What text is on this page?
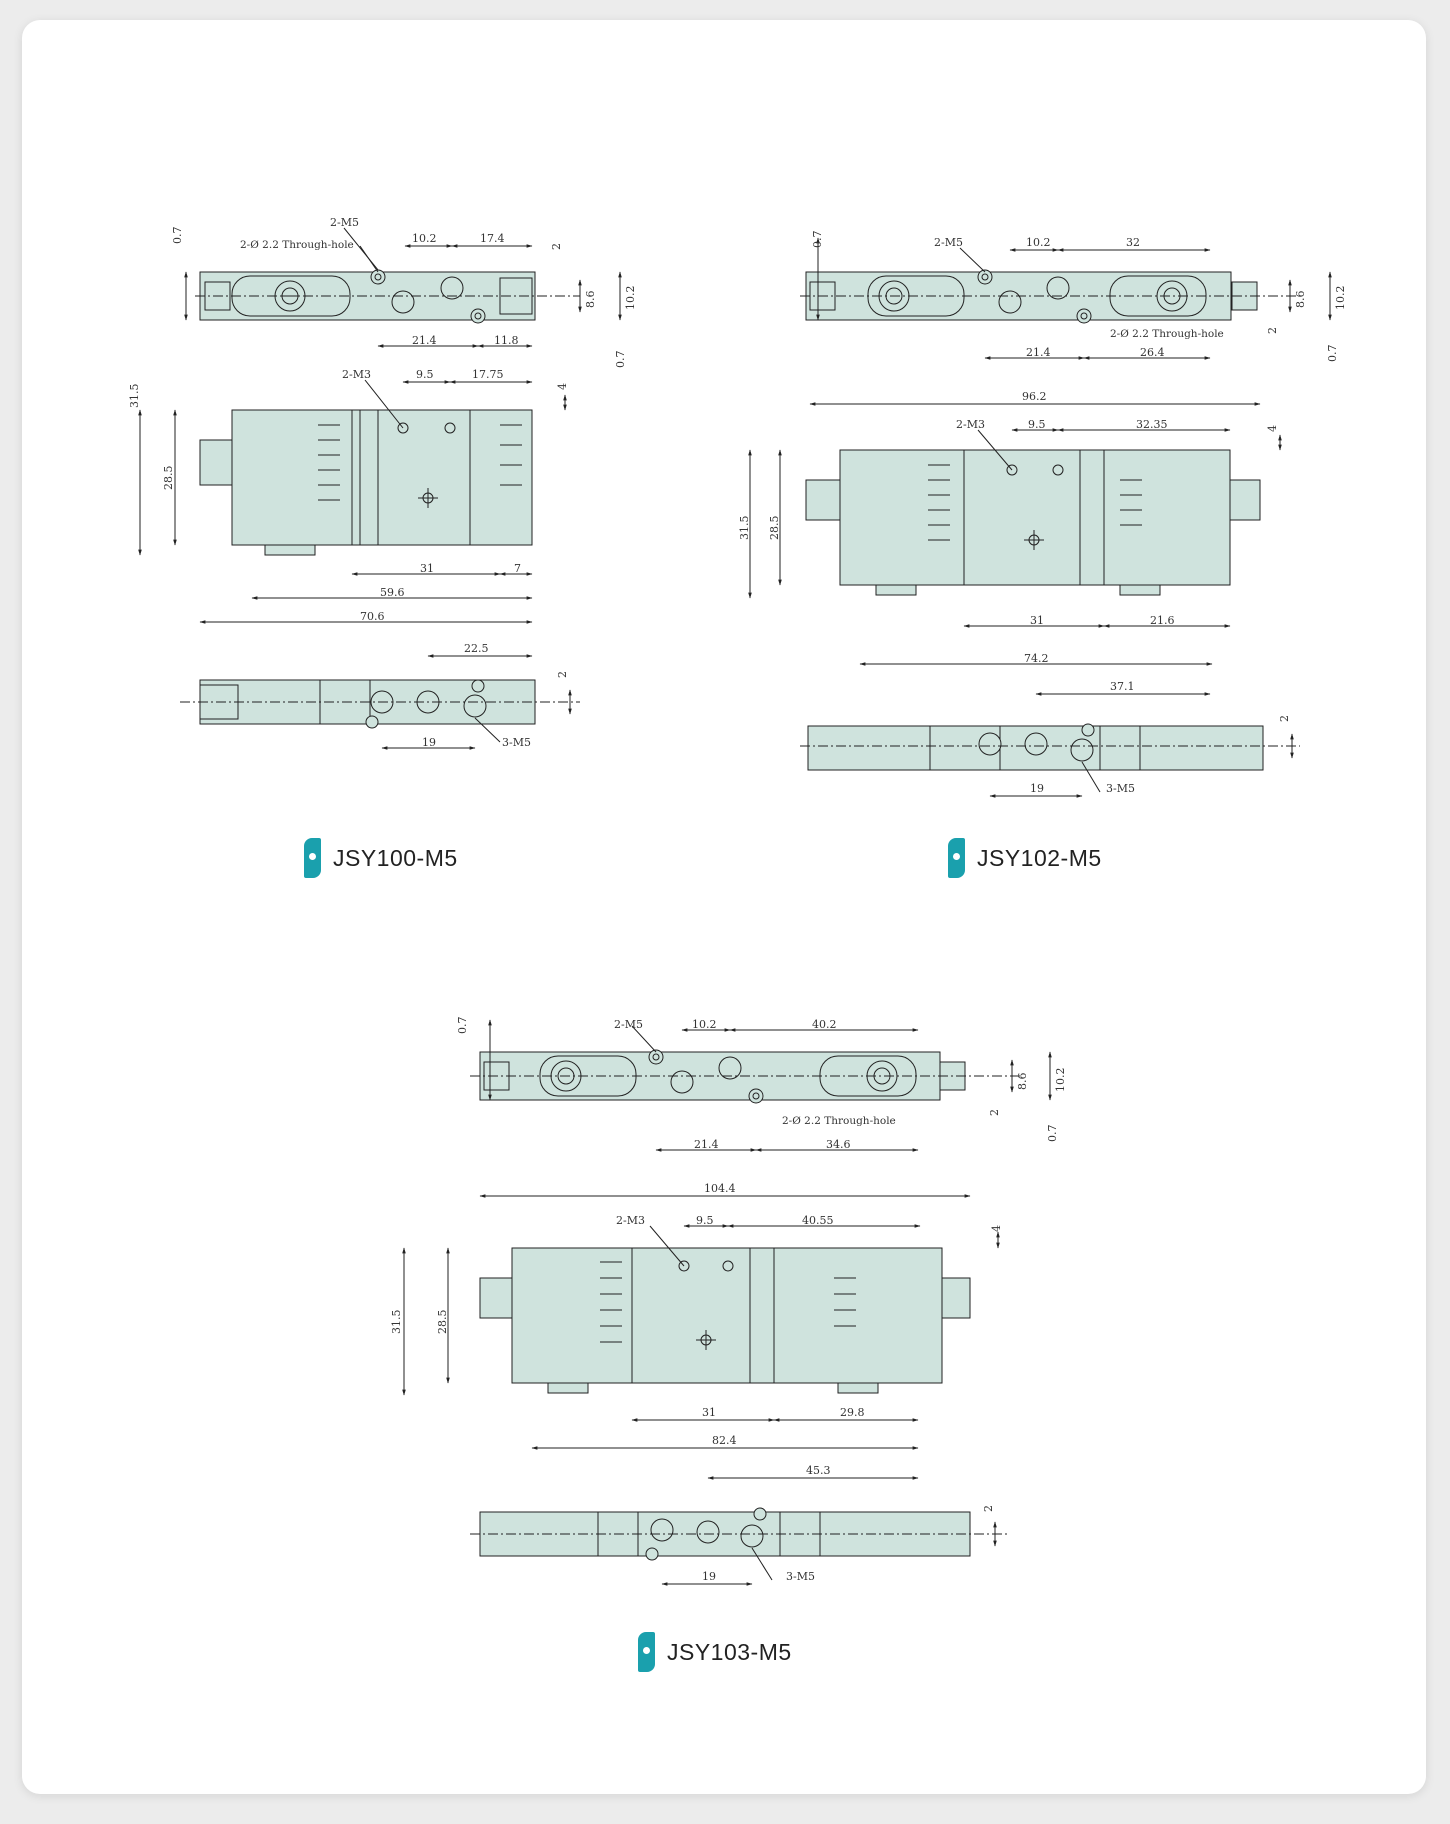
0.7
2-M5
2-Ø 2.2 Through-hole	10.2	17.4
2
8.6 10.2
21.4	11.8
0.7
2-M3	9.5	17.75
4
31.5
28.5
31	7
59.6
70.6
22.5
2
19	3-M5
0.7	2-M5	10.2	32
2
8.6 10.2
2-Ø 2.2 Through-hole
21.4	26.4	0.7
96.2
2-M3	9.5	32.35	4
31.5 28.5
31	21.6
74.2
37.1
2
19	3-M5
0.7	2-M5	10.2	40.2
2
8.6 10.2
2-Ø 2.2 Through-hole
21.4	34.6
0.7
104.4
2-M3	9.5	40.55
4
31.5	28.5
31	29.8
82.4
45.3
2
19	3-M5
JSY100-M5	JSY102-M5
JSY103-M5
